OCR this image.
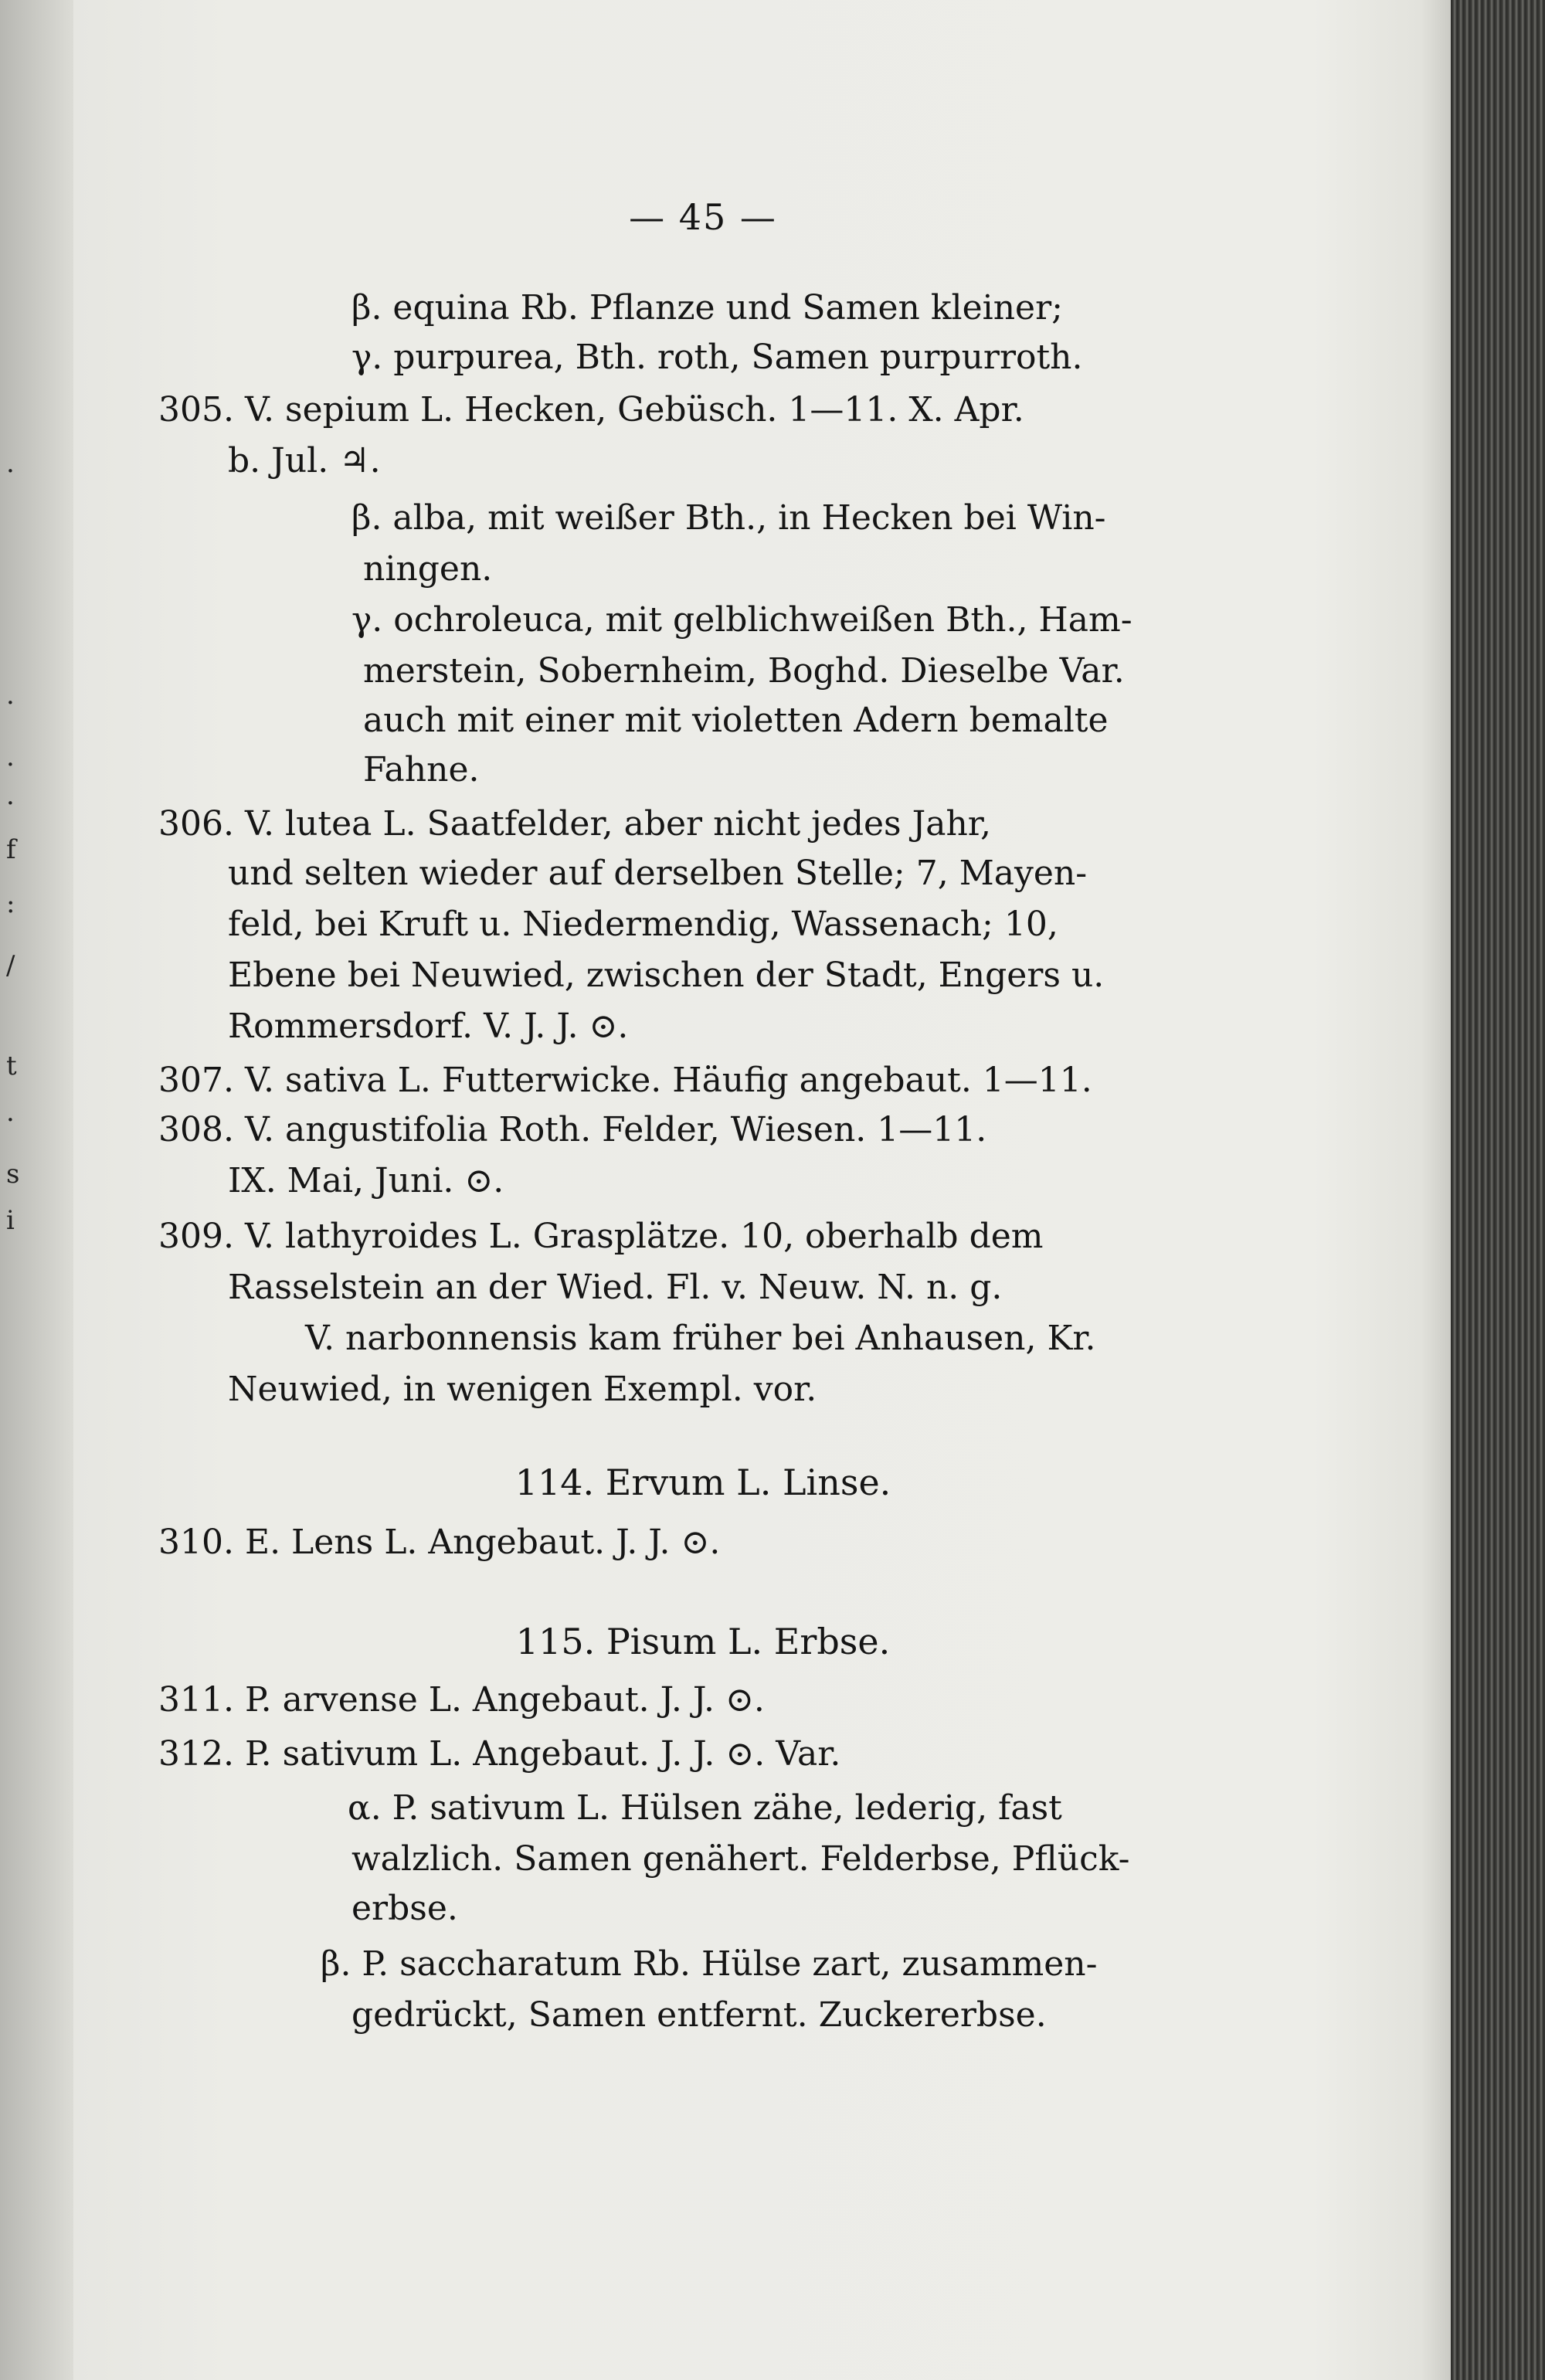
.
·
.
·
f
:
/
t
·
s
i
— 45 —
β. equina Rb. Pflanze und Samen kleiner;
γ. purpurea, Bth. roth, Samen purpurroth.
305. V. sepium L. Hecken, Gebüsch. 1—11. X. Apr.
b. Jul. ♃.
β. alba, mit weißer Bth., in Hecken bei Win-
ningen.
γ. ochroleuca, mit gelblichweißen Bth., Ham-
merstein, Sobernheim, Boghd. Dieselbe Var.
auch mit einer mit violetten Adern bemalte
Fahne.
306. V. lutea L. Saatfelder, aber nicht jedes Jahr,
und selten wieder auf derselben Stelle; 7, Mayen-
feld, bei Kruft u. Niedermendig, Wassenach; 10,
Ebene bei Neuwied, zwischen der Stadt, Engers u.
Rommersdorf. V. J. J. ⊙.
307. V. sativa L. Futterwicke. Häufig angebaut. 1—11.
308. V. angustifolia Roth. Felder, Wiesen. 1—11.
IX. Mai, Juni. ⊙.
309. V. lathyroides L. Grasplätze. 10, oberhalb dem
Rasselstein an der Wied. Fl. v. Neuw. N. n. g.
V. narbonnensis kam früher bei Anhausen, Kr.
Neuwied, in wenigen Exempl. vor.
114. Ervum L. Linse.
310. E. Lens L. Angebaut. J. J. ⊙.
115. Pisum L. Erbse.
311. P. arvense L. Angebaut. J. J. ⊙.
312. P. sativum L. Angebaut. J. J. ⊙. Var.
α. P. sativum L. Hülsen zähe, lederig, fast
walzlich. Samen genähert. Felderbse, Pflück-
erbse.
β. P. saccharatum Rb. Hülse zart, zusammen-
gedrückt, Samen entfernt. Zuckererbse.
